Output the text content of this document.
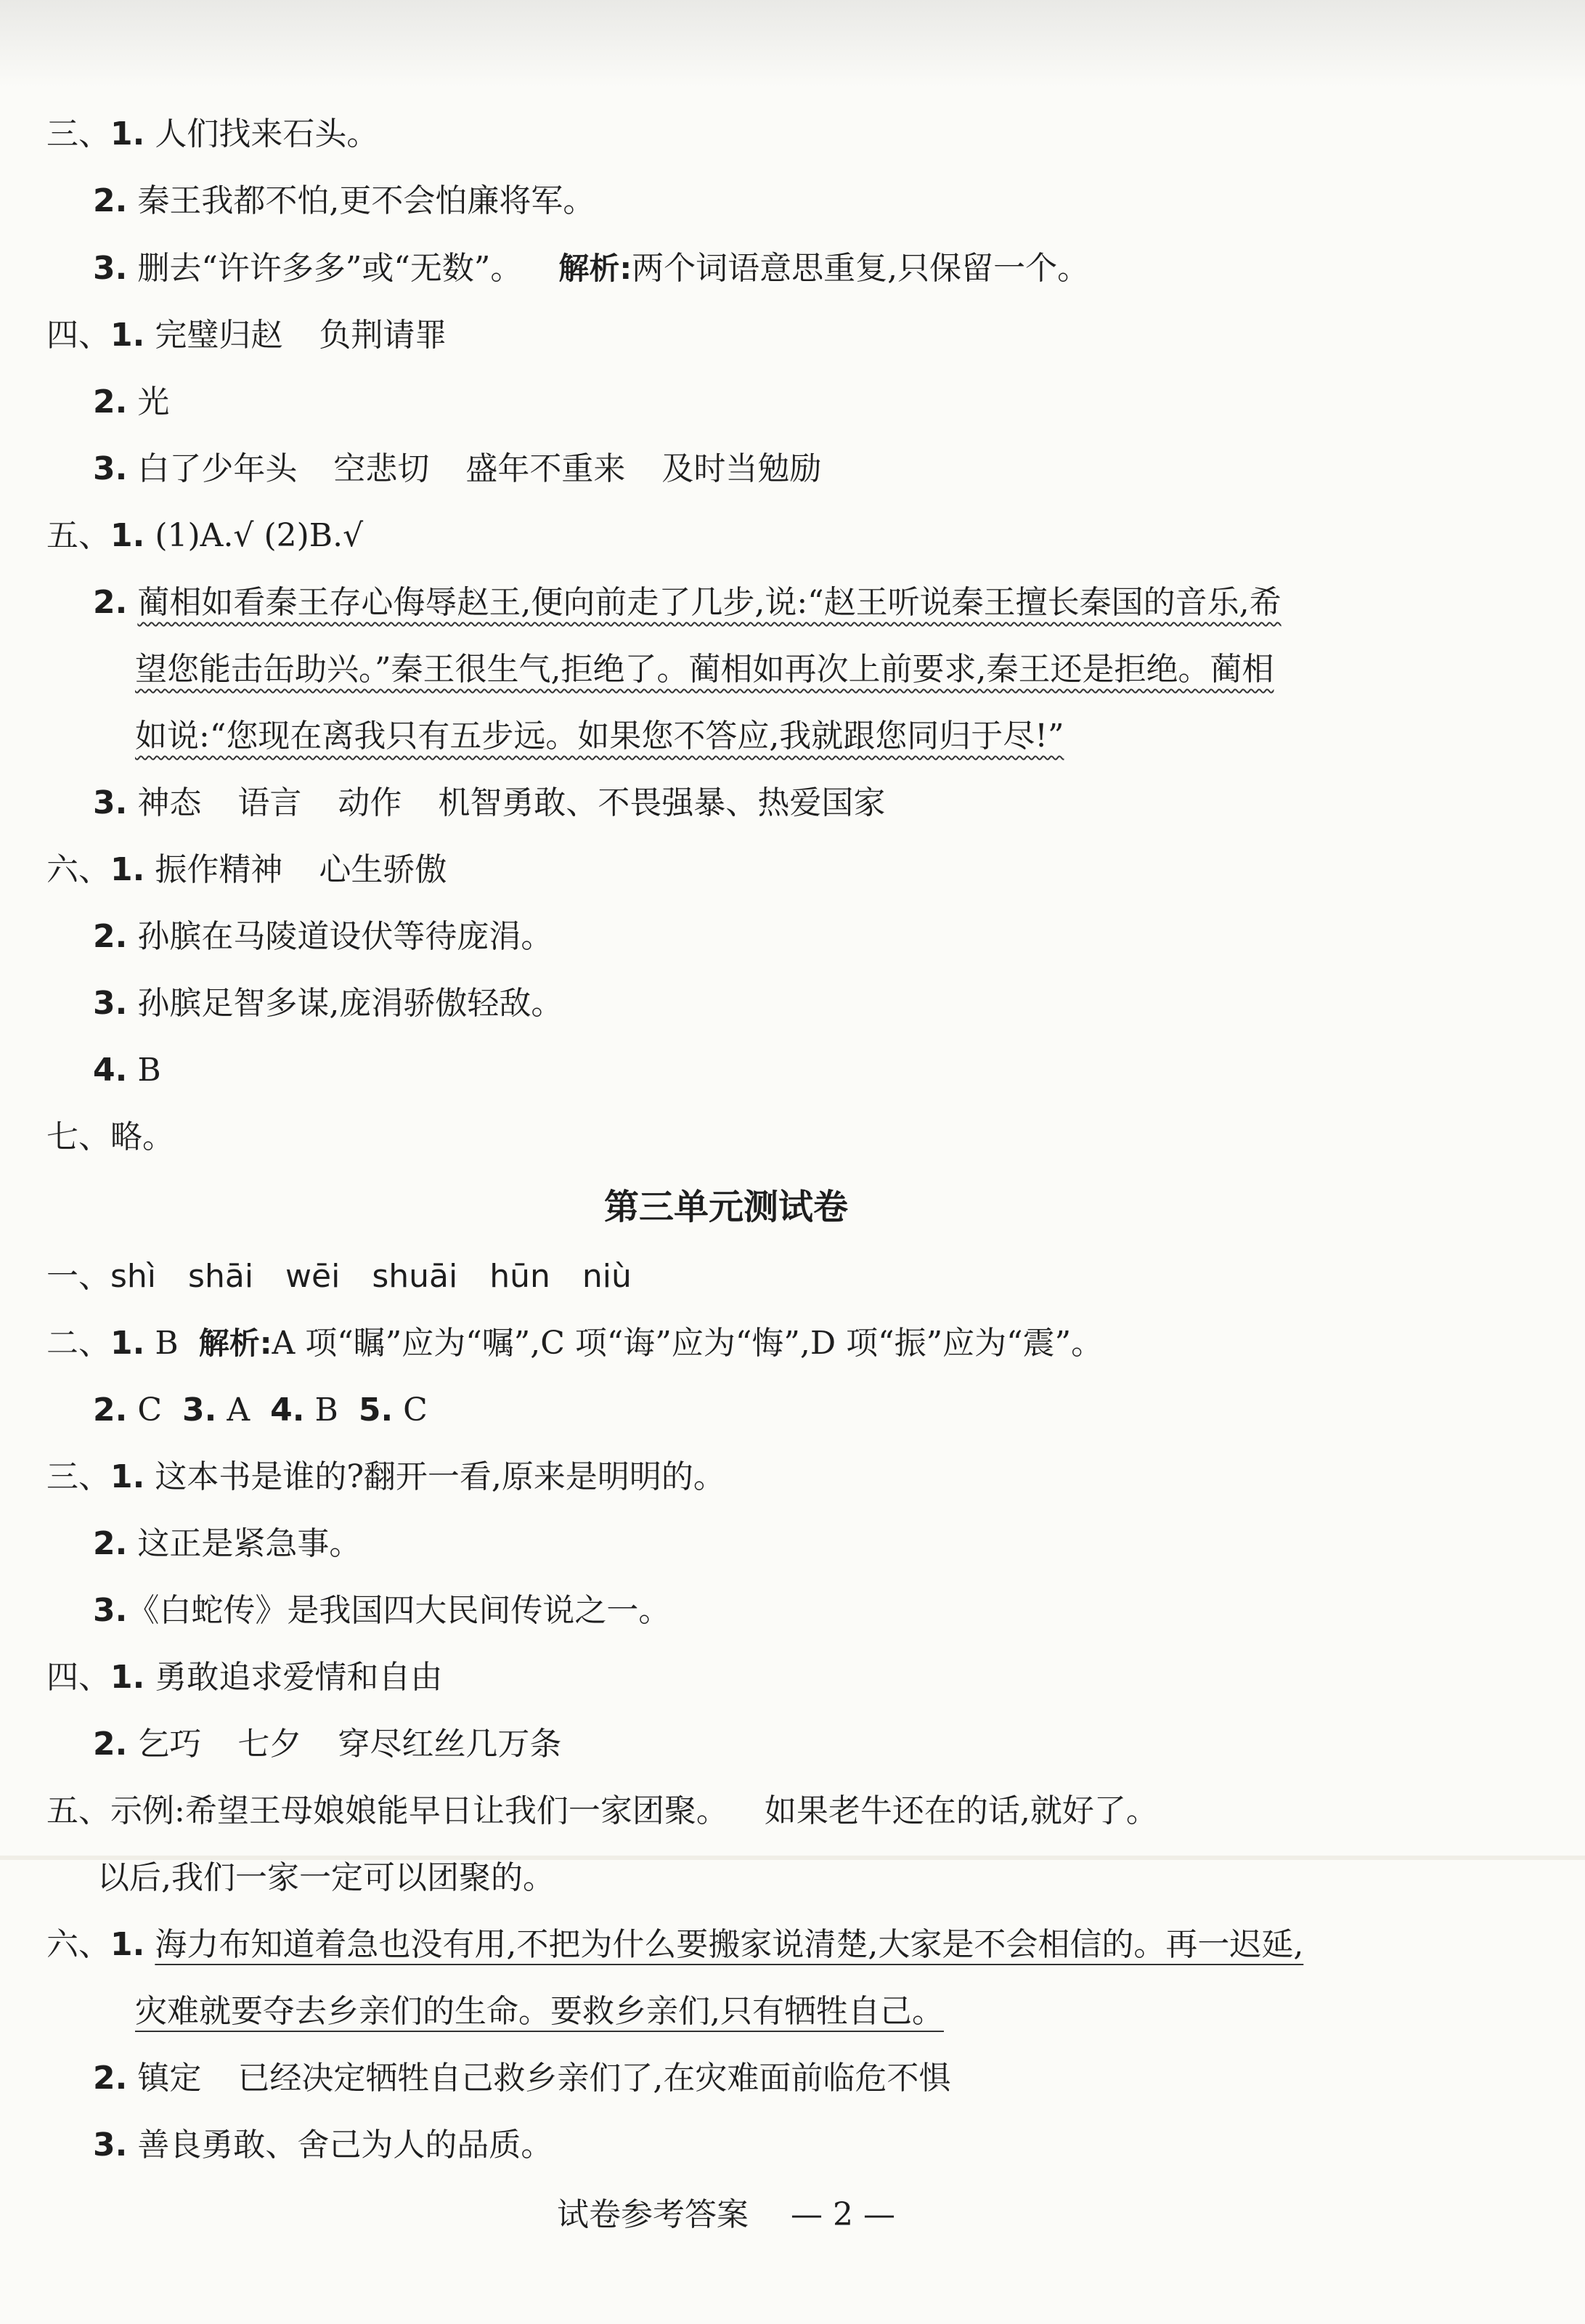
三、1. 人们找来石头。
2. 秦王我都不怕,更不会怕廉将军。
3. 删去“许许多多”或“无数”。 解析:两个词语意思重复,只保留一个。
四、1. 完璧归赵 负荆请罪
2. 光
3. 白了少年头 空悲切 盛年不重来 及时当勉励
五、1. (1)A.√ (2)B.√
2. 蔺相如看秦王存心侮辱赵王,便向前走了几步,说:“赵王听说秦王擅长秦国的音乐,希
望您能击缶助兴。”秦王很生气,拒绝了。蔺相如再次上前要求,秦王还是拒绝。蔺相
如说:“您现在离我只有五步远。如果您不答应,我就跟您同归于尽!”
3. 神态 语言 动作 机智勇敢、不畏强暴、热爱国家
六、1. 振作精神 心生骄傲
2. 孙膑在马陵道设伏等待庞涓。
3. 孙膑足智多谋,庞涓骄傲轻敌。
4. B
七、略。
第三单元测试卷
一、shì shāi wēi shuāi hūn niù
二、1. B 解析:A 项“瞩”应为“嘱”,C 项“诲”应为“悔”,D 项“振”应为“震”。
2. C 3. A 4. B 5. C
三、1. 这本书是谁的?翻开一看,原来是明明的。
2. 这正是紧急事。
3.《白蛇传》是我国四大民间传说之一。
四、1. 勇敢追求爱情和自由
2. 乞巧 七夕 穿尽红丝几万条
五、示例:希望王母娘娘能早日让我们一家团聚。 如果老牛还在的话,就好了。
以后,我们一家一定可以团聚的。
六、1. 海力布知道着急也没有用,不把为什么要搬家说清楚,大家是不会相信的。再一迟延,
灾难就要夺去乡亲们的生命。要救乡亲们,只有牺牲自己。
2. 镇定 已经决定牺牲自己救乡亲们了,在灾难面前临危不惧
3. 善良勇敢、舍己为人的品质。
试卷参考答案 — 2 —
